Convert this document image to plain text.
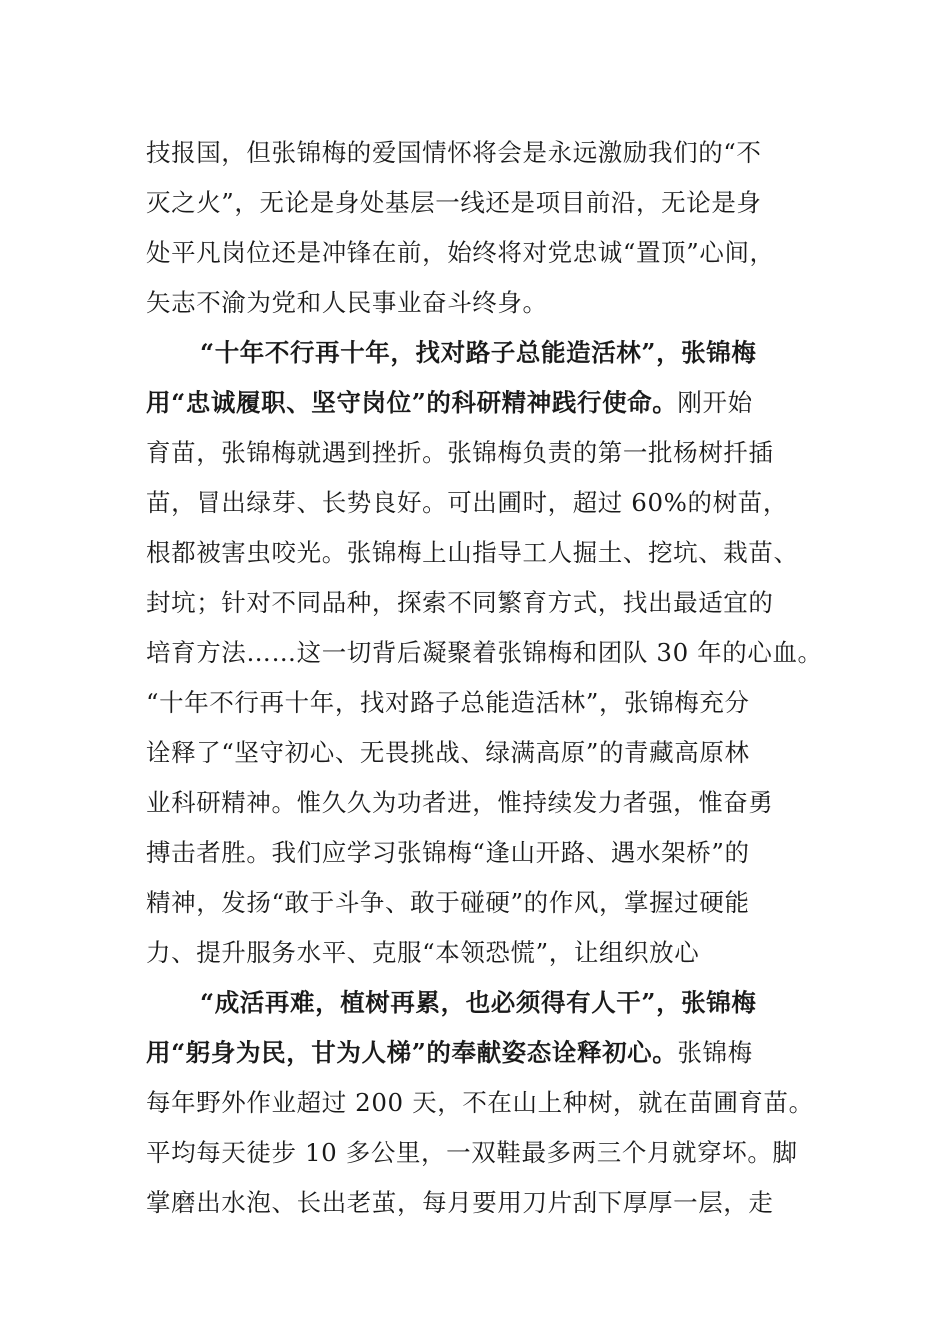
技报国，但张锦梅的爱国情怀将会是永远激励我们的“不
灭之火”，无论是身处基层一线还是项目前沿，无论是身
处平凡岗位还是冲锋在前，始终将对党忠诚“置顶”心间，
矢志不渝为党和人民事业奋斗终身。
“十年不行再十年，找对路子总能造活林”，张锦梅
用“忠诚履职、坚守岗位”的科研精神践行使命。刚开始
育苗，张锦梅就遇到挫折。张锦梅负责的第一批杨树扦插
苗，冒出绿芽、长势良好。可出圃时，超过 60%的树苗，
根都被害虫咬光。张锦梅上山指导工人掘土、挖坑、栽苗、
封坑；针对不同品种，探索不同繁育方式，找出最适宜的
培育方法……这一切背后凝聚着张锦梅和团队 30 年的心血。
“十年不行再十年，找对路子总能造活林”，张锦梅充分
诠释了“坚守初心、无畏挑战、绿满高原”的青藏高原林
业科研精神。惟久久为功者进，惟持续发力者强，惟奋勇
搏击者胜。我们应学习张锦梅“逢山开路、遇水架桥”的
精神，发扬“敢于斗争、敢于碰硬”的作风，掌握过硬能
力、提升服务水平、克服“本领恐慌”，让组织放心
“成活再难，植树再累，也必须得有人干”，张锦梅
用“躬身为民，甘为人梯”的奉献姿态诠释初心。张锦梅
每年野外作业超过 200 天，不在山上种树，就在苗圃育苗。
平均每天徒步 10 多公里，一双鞋最多两三个月就穿坏。脚
掌磨出水泡、长出老茧，每月要用刀片刮下厚厚一层，走
